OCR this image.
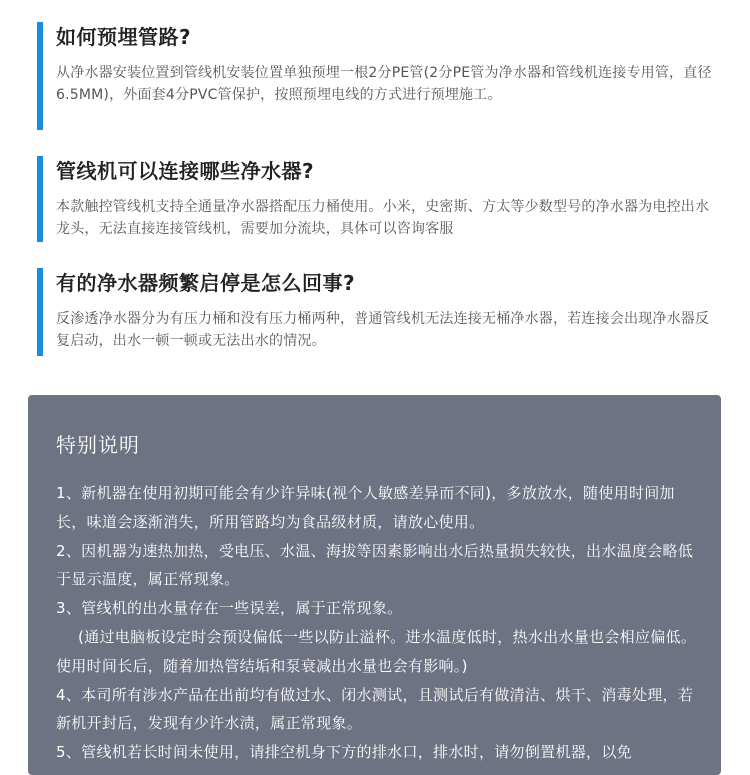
如何预埋管路?

从净水器安装位置到管线机安装位置单独预埋一根2分PE管(2分PE管为净水器和管线机连接专用管，直径6.5MM)，外面套4分PVC管保护，按照预埋电线的方式进行预埋施工。

管线机可以连接哪些净水器?

本款触控管线机支持全通量净水器搭配压力桶使用。小米，史密斯、方太等少数型号的净水器为电控出水龙头，无法直接连接管线机，需要加分流块，具体可以咨询客服

有的净水器频繁启停是怎么回事?

反渗透净水器分为有压力桶和没有压力桶两种，普通管线机无法连接无桶净水器，若连接会出现净水器反复启动，出水一顿一顿或无法出水的情况。

特别说明

1、新机器在使用初期可能会有少许异味(视个人敏感差异而不同)，多放放水，随使用时间加长，味道会逐渐消失，所用管路均为食品级材质，请放心使用。

2、因机器为速热加热，受电压、水温、海拔等因素影响出水后热量损失较快，出水温度会略低于显示温度，属正常现象。

3、管线机的出水量存在一些误差，属于正常现象。

(通过电脑板设定时会预设偏低一些以防止溢杯。进水温度低时，热水出水量也会相应偏低。使用时间长后，随着加热管结垢和泵衰减出水量也会有影响。)

4、本司所有涉水产品在出前均有做过水、闭水测试，且测试后有做清洁、烘干、消毒处理，若新机开封后，发现有少许水渍，属正常现象。

5、管线机若长时间未使用，请排空机身下方的排水口，排水时，请勿倒置机器，以免
